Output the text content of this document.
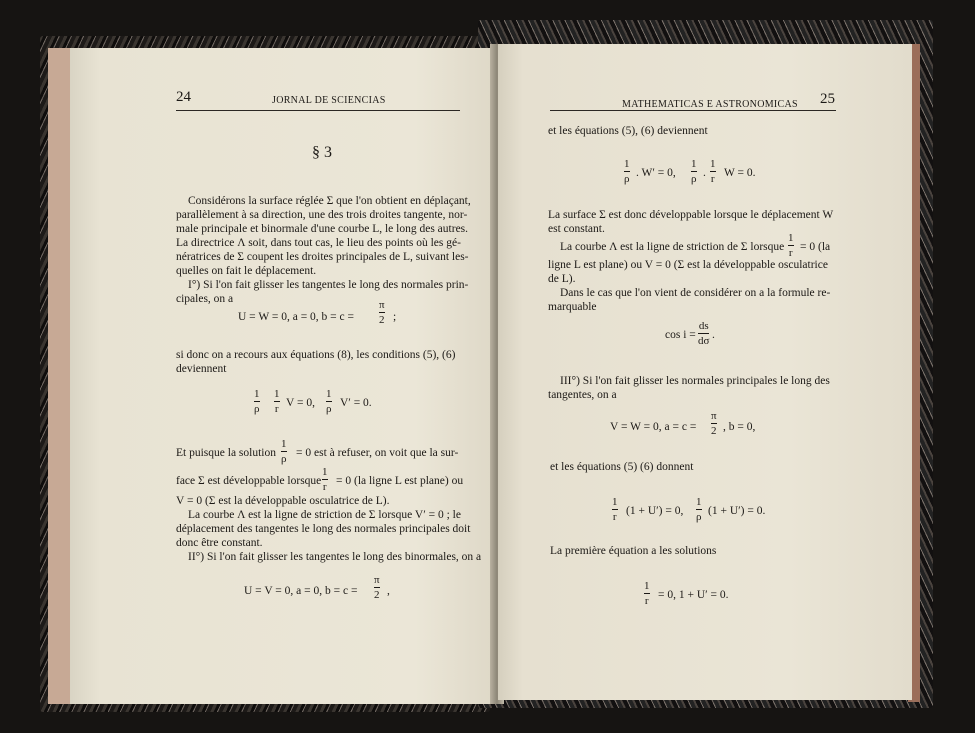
24	JORNAL DE SCIENCIAS
§ 3
Considérons la surface réglée Σ que l'on obtient en déplaçant,
parallèlement à sa direction, une des trois droites tangente, nor-
male principale et binormale d'une courbe L, le long des autres.
La directrice Λ soit, dans tout cas, le lieu des points où les gé-
nératrices de Σ coupent les droites principales de L, suivant les-
quelles on fait le déplacement.
I°) Si l'on fait glisser les tangentes le long des normales prin-
cipales, on a
U = W = 0, a = 0, b = c =
π
2 ;
si donc on a recours aux équations (8), les conditions (5), (6)
deviennent
1
ρ
1
r V = 0,
1
ρ V′ = 0.
Et puisque la solution
1
ρ = 0 est à refuser, on voit que la sur-
face Σ est développable lorsque
1
r = 0 (la ligne L est plane) ou
V = 0 (Σ est la développable osculatrice de L).
La courbe Λ est la ligne de striction de Σ lorsque V′ = 0 ; le
déplacement des tangentes le long des normales principales doit
donc être constant.
II°) Si l'on fait glisser les tangentes le long des binormales, on a
U = V = 0, a = 0, b = c =
π
2 ,
MATHEMATICAS E ASTRONOMICAS 25
et les équations (5), (6) deviennent
1
ρ . W′ = 0,
1
ρ .
1
r W = 0.
La surface Σ est donc développable lorsque le déplacement W
est constant.
La courbe Λ est la ligne de striction de Σ lorsque
1
r = 0 (la
ligne L est plane) ou V = 0 (Σ est la développable osculatrice
de L).
Dans le cas que l'on vient de considérer on a la formule re-
marquable
cos i =
ds
dσ .
III°) Si l'on fait glisser les normales principales le long des
tangentes, on a
V = W = 0, a = c =
π
2 , b = 0,
et les équations (5) (6) donnent
1
r (1 + U′) = 0,
1
ρ (1 + U′) = 0.
La première équation a les solutions
1
r = 0, 1 + U′ = 0.
